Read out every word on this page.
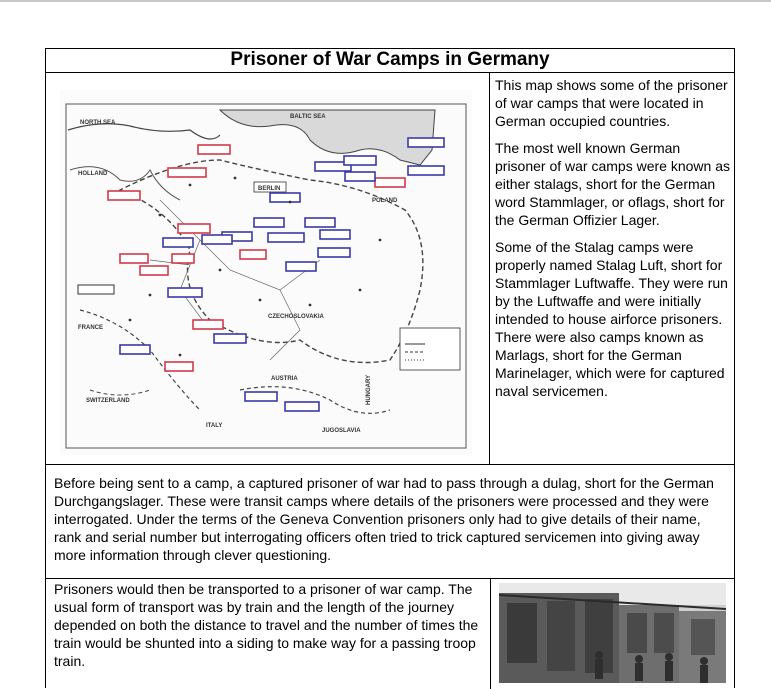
Prisoner of War Camps in Germany
NORTH SEA
BALTIC SEA
HOLLAND
BERLIN
POLAND
CZECHOSLOVAKIA
FRANCE
AUSTRIA
SWITZERLAND
ITALY
JUGOSLAVIA
HUNGARY

This map shows some of the prisoner of war camps that were located in German occupied countries.

The most well known German prisoner of war camps were known as either stalags, short for the German word Stammlager, or oflags, short for the German Offizier Lager.

Some of the Stalag camps were properly named Stalag Luft, short for Stammlager Luftwaffe. They were run by the Luftwaffe and were initially intended to house airforce prisoners. There were also camps known as Marlags, short for the German Marinelager, which were for captured naval servicemen.

Before being sent to a camp, a captured prisoner of war had to pass through a dulag, short for the German Durchgangslager. These were transit camps where details of the prisoners were processed and they were interrogated. Under the terms of the Geneva Convention prisoners only had to give details of their name, rank and serial number but interrogating officers often tried to trick captured servicemen into giving away more information through clever questioning.

Prisoners would then be transported to a prisoner of war camp. The usual form of transport was by train and the length of the journey depended on both the distance to travel and the number of times the train would be shunted into a siding to make way for a passing troop train.
